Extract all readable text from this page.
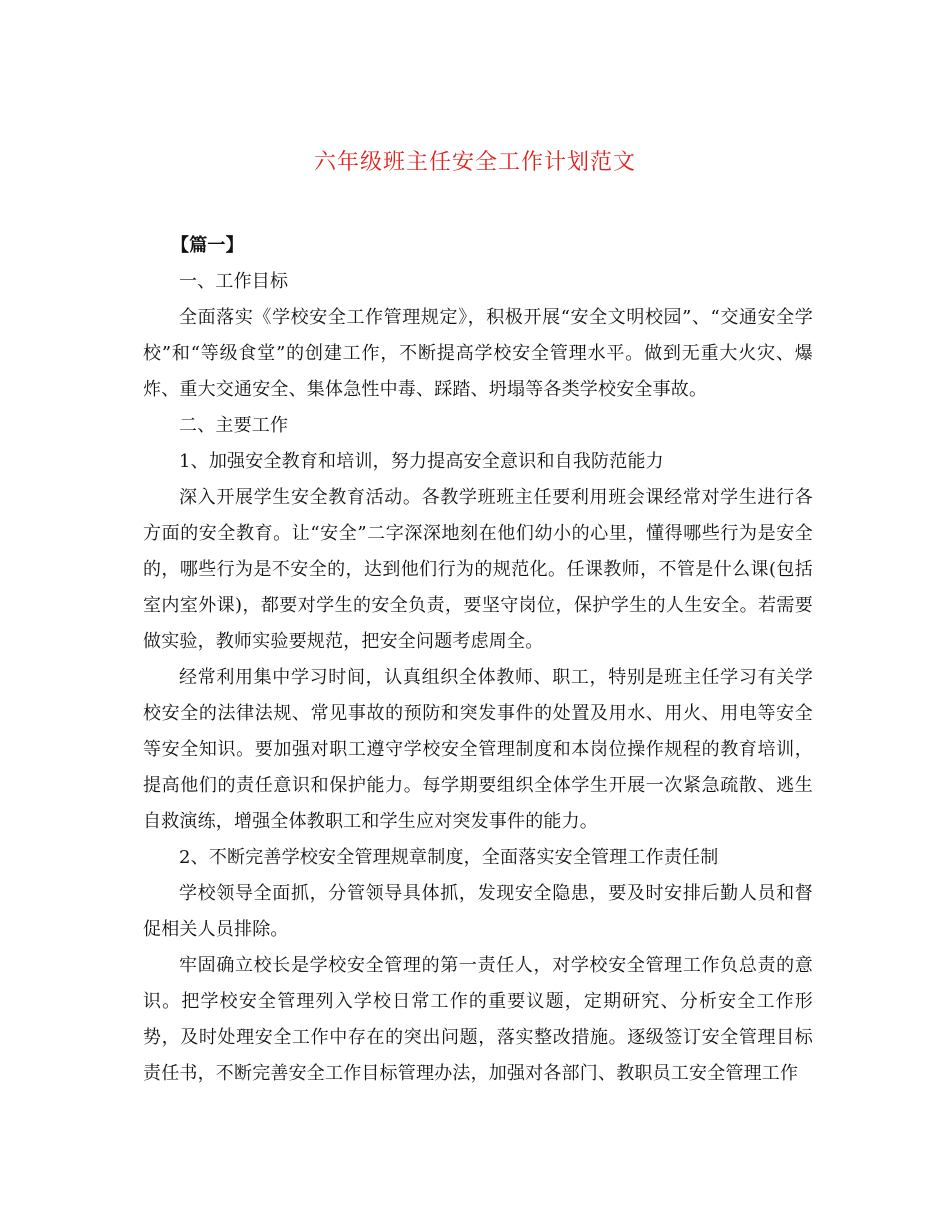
六年级班主任安全工作计划范文

【篇一】

一、工作目标

全面落实《学校安全工作管理规定》，积极开展“安全文明校园”、“交通安全学校”和“等级食堂”的创建工作，不断提高学校安全管理水平。做到无重大火灾、爆炸、重大交通安全、集体急性中毒、踩踏、坍塌等各类学校安全事故。

二、主要工作

1、加强安全教育和培训，努力提高安全意识和自我防范能力

深入开展学生安全教育活动。各教学班班主任要利用班会课经常对学生进行各方面的安全教育。让“安全”二字深深地刻在他们幼小的心里，懂得哪些行为是安全的，哪些行为是不安全的，达到他们行为的规范化。任课教师，不管是什么课(包括室内室外课)，都要对学生的安全负责，要坚守岗位，保护学生的人生安全。若需要做实验，教师实验要规范，把安全问题考虑周全。

经常利用集中学习时间，认真组织全体教师、职工，特别是班主任学习有关学校安全的法律法规、常见事故的预防和突发事件的处置及用水、用火、用电等安全等安全知识。要加强对职工遵守学校安全管理制度和本岗位操作规程的教育培训，提高他们的责任意识和保护能力。每学期要组织全体学生开展一次紧急疏散、逃生自救演练，增强全体教职工和学生应对突发事件的能力。

2、不断完善学校安全管理规章制度，全面落实安全管理工作责任制

学校领导全面抓，分管领导具体抓，发现安全隐患，要及时安排后勤人员和督促相关人员排除。

牢固确立校长是学校安全管理的第一责任人，对学校安全管理工作负总责的意识。把学校安全管理列入学校日常工作的重要议题，定期研究、分析安全工作形势，及时处理安全工作中存在的突出问题，落实整改措施。逐级签订安全管理目标责任书，不断完善安全工作目标管理办法，加强对各部门、教职员工安全管理工作
